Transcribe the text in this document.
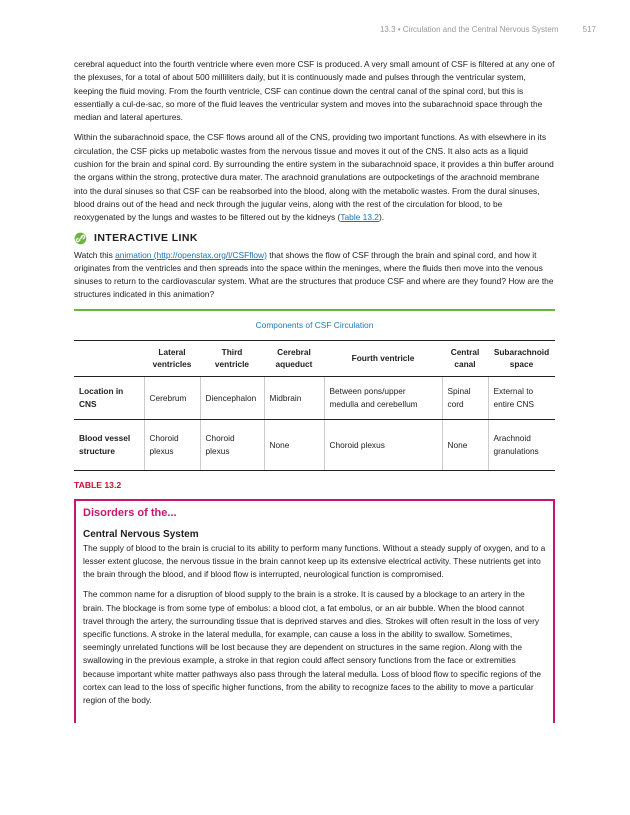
13.3 • Circulation and the Central Nervous System	517

cerebral aqueduct into the fourth ventricle where even more CSF is produced. A very small amount of CSF is filtered at any one of the plexuses, for a total of about 500 milliliters daily, but it is continuously made and pulses through the ventricular system, keeping the fluid moving. From the fourth ventricle, CSF can continue down the central canal of the spinal cord, but this is essentially a cul-de-sac, so more of the fluid leaves the ventricular system and moves into the subarachnoid space through the median and lateral apertures.

Within the subarachnoid space, the CSF flows around all of the CNS, providing two important functions. As with elsewhere in its circulation, the CSF picks up metabolic wastes from the nervous tissue and moves it out of the CNS. It also acts as a liquid cushion for the brain and spinal cord. By surrounding the entire system in the subarachnoid space, it provides a thin buffer around the organs within the strong, protective dura mater. The arachnoid granulations are outpocketings of the arachnoid membrane into the dural sinuses so that CSF can be reabsorbed into the blood, along with the metabolic wastes. From the dural sinuses, blood drains out of the head and neck through the jugular veins, along with the rest of the circulation for blood, to be reoxygenated by the lungs and wastes to be filtered out by the kidneys (Table 13.2).

INTERACTIVE LINK

Watch this animation (http://openstax.org/l/CSFflow) that shows the flow of CSF through the brain and spinal cord, and how it originates from the ventricles and then spreads into the space within the meninges, where the fluids then move into the venous sinuses to return to the cardiovascular system. What are the structures that produce CSF and where are they found? How are the structures indicated in this animation?

Components of CSF Circulation
	Lateral ventricles	Third ventricle	Cerebral aqueduct	Fourth ventricle	Central canal	Subarachnoid space
Location in CNS	Cerebrum	Diencephalon	Midbrain	Between pons/upper medulla and cerebellum	Spinal cord	External to entire CNS
Blood vessel structure	Choroid plexus	Choroid plexus	None	Choroid plexus	None	Arachnoid granulations
TABLE 13.2
Disorders of the...
Central Nervous System

The supply of blood to the brain is crucial to its ability to perform many functions. Without a steady supply of oxygen, and to a lesser extent glucose, the nervous tissue in the brain cannot keep up its extensive electrical activity. These nutrients get into the brain through the blood, and if blood flow is interrupted, neurological function is compromised.

The common name for a disruption of blood supply to the brain is a stroke. It is caused by a blockage to an artery in the brain. The blockage is from some type of embolus: a blood clot, a fat embolus, or an air bubble. When the blood cannot travel through the artery, the surrounding tissue that is deprived starves and dies. Strokes will often result in the loss of very specific functions. A stroke in the lateral medulla, for example, can cause a loss in the ability to swallow. Sometimes, seemingly unrelated functions will be lost because they are dependent on structures in the same region. Along with the swallowing in the previous example, a stroke in that region could affect sensory functions from the face or extremities because important white matter pathways also pass through the lateral medulla. Loss of blood flow to specific regions of the cortex can lead to the loss of specific higher functions, from the ability to recognize faces to the ability to move a particular region of the body.
